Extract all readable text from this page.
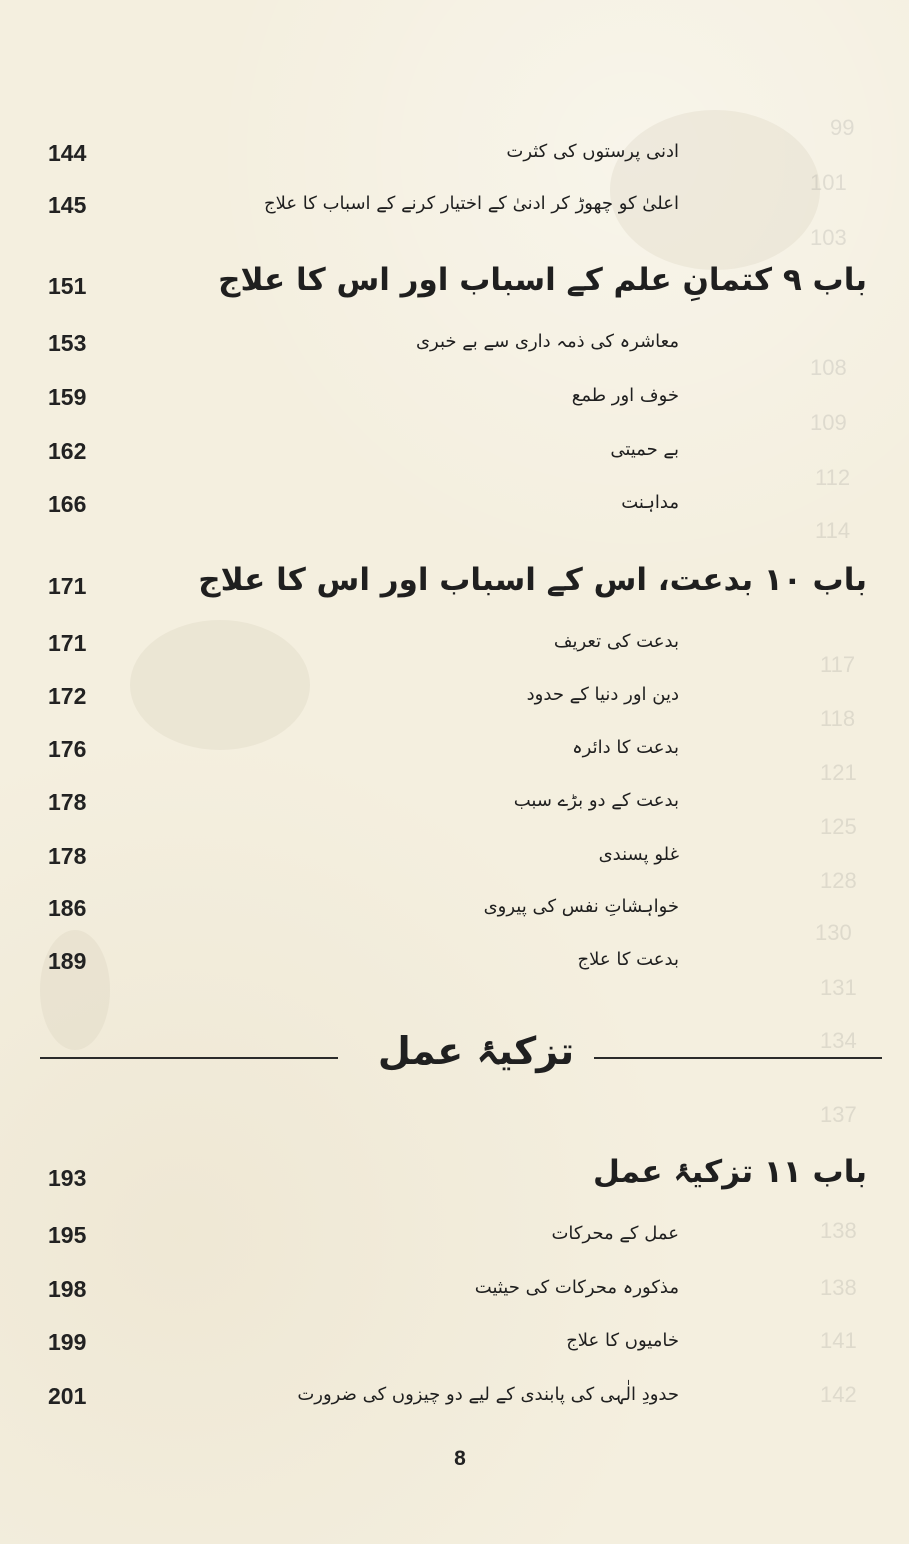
99
101
103
108
109
112
114
117
118
121
125
128
130
131
134
137
138
138
141
142
144	ادنی پرستوں کی کثرت
145	اعلیٰ کو چھوڑ کر ادنیٰ کے اختیار کرنے کے اسباب کا علاج
151	باب ۹ کتمانِ علم کے اسباب اور اس کا علاج
153	معاشرہ کی ذمہ داری سے بے خبری
159	خوف اور طمع
162	بے حمیتی
166	مداہنت
171	باب ۱۰ بدعت، اس کے اسباب اور اس کا علاج
171	بدعت کی تعریف
172	دین اور دنیا کے حدود
176	بدعت کا دائرہ
178	بدعت کے دو بڑے سبب
178	غلو پسندی
186	خواہشاتِ نفس کی پیروی
189	بدعت کا علاج
تزکیۂ عمل
193	باب ۱۱ تزکیۂ عمل
195	عمل کے محرکات
198	مذکورہ محرکات کی حیثیت
199	خامیوں کا علاج
201	حدودِ الٰہی کی پابندی کے لیے دو چیزوں کی ضرورت
8
